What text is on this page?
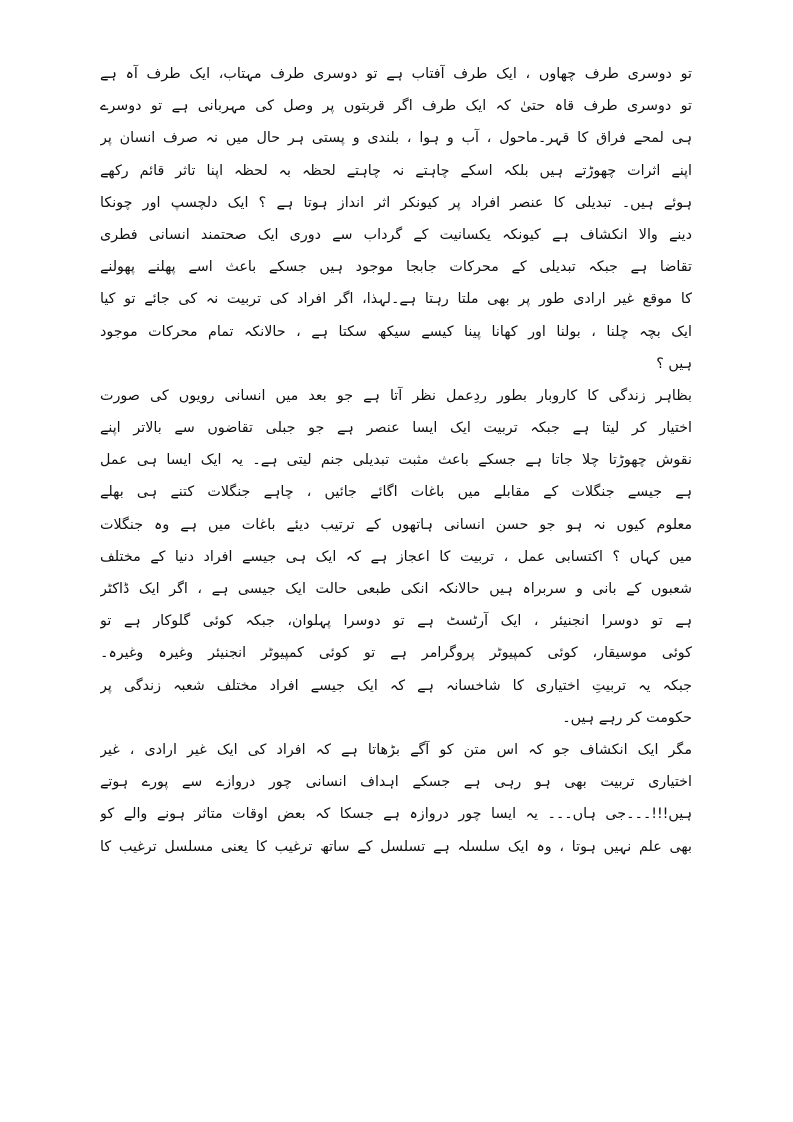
تو دوسری طرف چھاوں ، ایک طرف آفتاب ہے تو دوسری طرف مہتاب، ایک طرف آہ ہے
تو دوسری طرف قاہ حتیٰ کہ ایک طرف اگر قربتوں پر وصل کی مہربانی ہے تو دوسرے
ہی لمحے فراق کا قہر۔ماحول ، آب و ہوا ، بلندی و پستی ہر حال میں نہ صرف انسان پر
اپنے اثرات چھوڑتے ہیں بلکہ اسکے چاہتے نہ چاہتے لحظہ بہ لحظہ اپنا تاثر قائم رکھے
ہوئے ہیں۔ تبدیلی کا عنصر افراد پر کیونکر اثر انداز ہوتا ہے ؟ ایک دلچسپ اور چونکا
دینے والا انکشاف ہے کیونکہ یکسانیت کے گرداب سے دوری ایک صحتمند انسانی فطری
تقاضا ہے جبکہ تبدیلی کے محرکات جابجا موجود ہیں جسکے باعث اسے پھلنے پھولنے
کا موقع غیر ارادی طور پر بھی ملتا رہتا ہے۔لہذا، اگر افراد کی تربیت نہ کی جائے تو کیا
ایک بچہ چلنا ، بولنا اور کھانا پینا کیسے سیکھ سکتا ہے ، حالانکہ تمام محرکات موجود
ہیں ؟
بظاہر زندگی کا کاروبار بطور ردِعمل نظر آتا ہے جو بعد میں انسانی رویوں کی صورت
اختیار کر لیتا ہے جبکہ تربیت ایک ایسا عنصر ہے جو جبلی تقاضوں سے بالاتر اپنے
نقوش چھوڑتا چلا جاتا ہے جسکے باعث مثبت تبدیلی جنم لیتی ہے۔ یہ ایک ایسا ہی عمل
ہے جیسے جنگلات کے مقابلے میں باغات اگائے جائیں ، چاہے جنگلات کتنے ہی بھلے
معلوم کیوں نہ ہو جو حسن انسانی ہاتھوں کے ترتیب دیئے باغات میں ہے وہ جنگلات
میں کہاں ؟ اکتسابی عمل ، تربیت کا اعجاز ہے کہ ایک ہی جیسے افراد دنیا کے مختلف
شعبوں کے بانی و سربراہ ہیں حالانکہ انکی طبعی حالت ایک جیسی ہے ، اگر ایک ڈاکٹر
ہے تو دوسرا انجنیئر ، ایک آرٹسٹ ہے تو دوسرا پہلوان، جبکہ کوئی گلوکار ہے تو
کوئی موسیقار، کوئی کمپیوٹر پروگرامر ہے تو کوئی کمپیوٹر انجنیئر وغیرہ وغیرہ۔
جبکہ یہ تربیتِ اختیاری کا شاخسانہ ہے کہ ایک جیسے افراد مختلف شعبہ زندگی پر
حکومت کر رہے ہیں۔
مگر ایک انکشاف جو کہ اس متن کو آگے بڑھاتا ہے کہ افراد کی ایک غیر ارادی ، غیر
اختیاری تربیت بھی ہو رہی ہے جسکے اہداف انسانی چور دروازے سے پورے ہوتے
ہیں!!!۔۔۔جی ہاں۔۔۔ یہ ایسا چور دروازہ ہے جسکا کہ بعض اوقات متاثر ہونے والے کو
بھی علم نہیں ہوتا ، وہ ایک سلسلہ ہے تسلسل کے ساتھ ترغیب کا یعنی مسلسل ترغیب کا
